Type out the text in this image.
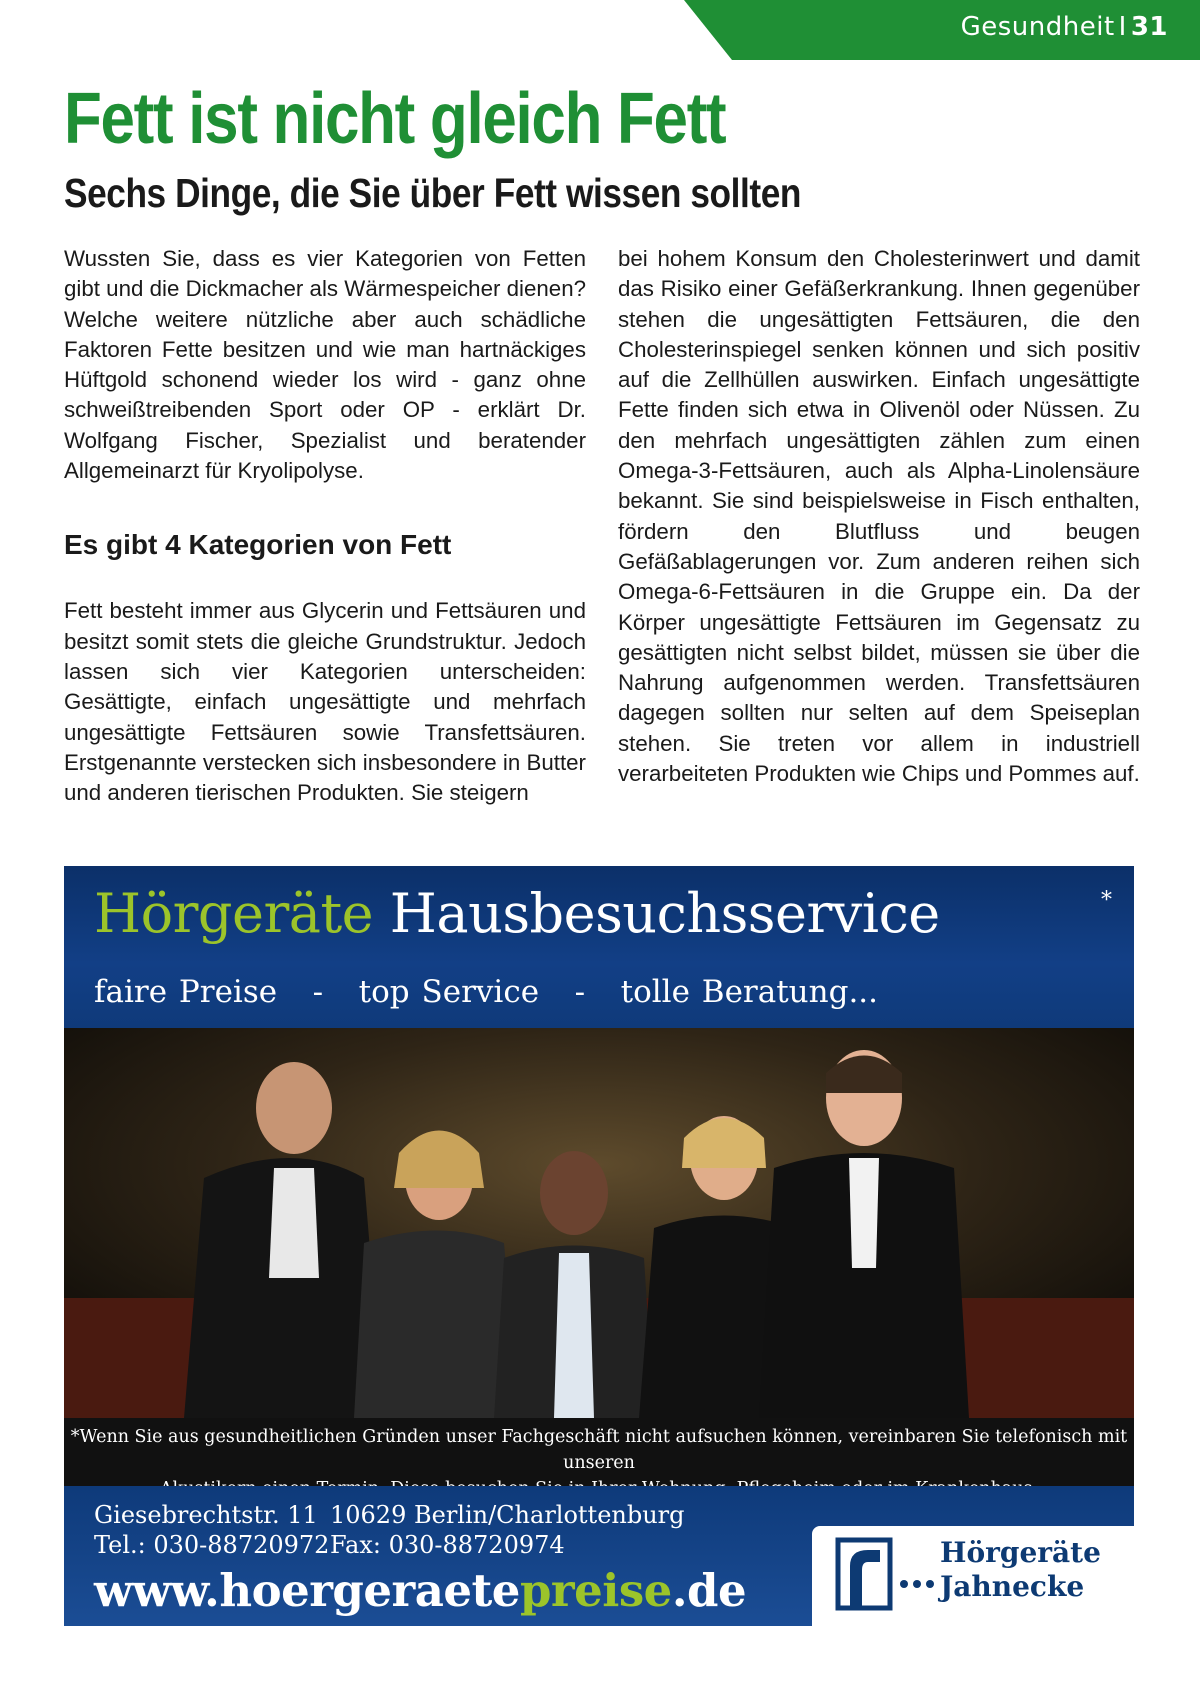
Gesundheit I 31
Fett ist nicht gleich Fett
Sechs Dinge, die Sie über Fett wissen sollten

Wussten Sie, dass es vier Kategorien von Fetten gibt und die Dickmacher als Wärmespeicher dienen? Welche weitere nützliche aber auch schädliche Faktoren Fette besitzen und wie man hartnäckiges Hüftgold schonend wieder los wird - ganz ohne schweißtreibenden Sport oder OP - erklärt Dr. Wolfgang Fischer, Spezialist und beratender Allgemeinarzt für Kryolipolyse.

Es gibt 4 Kategorien von Fett

Fett besteht immer aus Glycerin und Fettsäuren und besitzt somit stets die gleiche Grundstruktur. Jedoch lassen sich vier Kategorien unterscheiden: Gesättigte, einfach ungesättigte und mehrfach ungesättigte Fettsäuren sowie Transfettsäuren. Erstgenannte verstecken sich insbesondere in Butter und anderen tierischen Produkten. Sie steigern

bei hohem Konsum den Cholesterinwert und damit das Risiko einer Gefäßerkrankung. Ihnen gegenüber stehen die ungesättigten Fettsäuren, die den Cholesterinspiegel senken können und sich positiv auf die Zellhüllen auswirken. Einfach ungesättigte Fette finden sich etwa in Olivenöl oder Nüssen. Zu den mehrfach ungesättigten zählen zum einen Omega-3-Fettsäuren, auch als Alpha-Linolensäure bekannt. Sie sind beispielsweise in Fisch enthalten, fördern den Blutfluss und beugen Gefäßablagerungen vor. Zum anderen reihen sich Omega-6-Fettsäuren in die Gruppe ein. Da der Körper ungesättigte Fettsäuren im Gegensatz zu gesättigten nicht selbst bildet, müssen sie über die Nahrung aufgenommen werden. Transfettsäuren dagegen sollten nur selten auf dem Speiseplan stehen. Sie treten vor allem in industriell verarbeiteten Produkten wie Chips und Pommes auf.

Hörgeräte Hausbesuchsservice	*
faire Preise   -   top Service   -   tolle Beratung...
*Wenn Sie aus gesundheitlichen Gründen unser Fachgeschäft nicht aufsuchen können, vereinbaren Sie telefonisch mit unseren
Giesebrechtstr. 11
Tel.: 030-88720972
10629 Berlin/Charlottenburg
Fax: 030-88720974
www.hoergeraetepreise.de
Hörgeräte
Jahnecke
